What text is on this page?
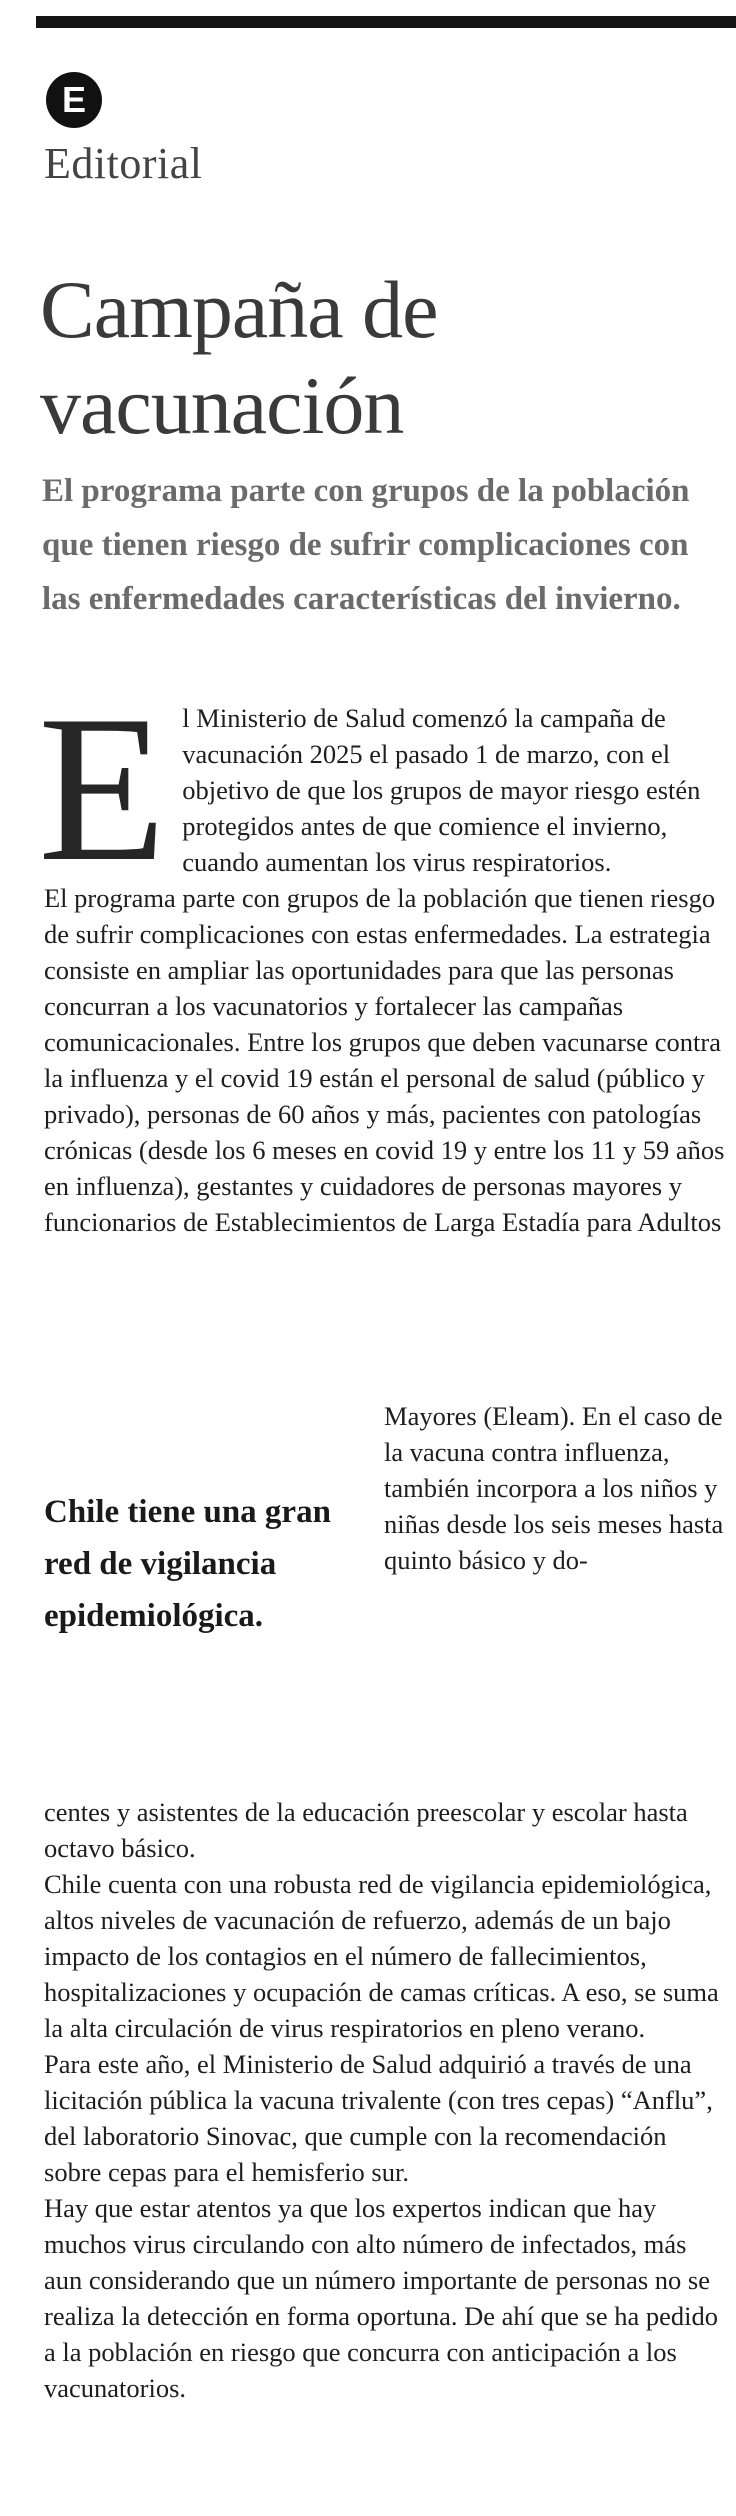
E
Editorial
Campaña de vacunación

El programa parte con grupos de la población que tienen riesgo de sufrir complicaciones con las enfermedades características del invierno.

E l Ministerio de Salud comenzó la campaña de vacunación 2025 el pasado 1 de marzo, con el objetivo de que los grupos de mayor riesgo estén protegidos antes de que comience el invierno, cuando aumentan los virus respiratorios.

El programa parte con grupos de la población que tienen riesgo de sufrir complicaciones con estas enfermedades. La estrategia consiste en ampliar las oportunidades para que las personas concurran a los vacunatorios y fortalecer las campañas comunicacionales. Entre los grupos que deben vacunarse contra la influenza y el covid 19 están el personal de salud (público y privado), personas de 60 años y más, pacientes con patologías crónicas (desde los 6 meses en covid 19 y entre los 11 y 59 años en influenza), gestantes y cuidadores de personas mayores y funcionarios de Establecimientos de Larga Estadía para Adultos

Mayores (Eleam). En el caso de la vacuna contra influenza, también incorpora a los niños y niñas desde los seis meses hasta quinto básico y do-

Chile tiene una gran red de vigilancia epidemiológica.

centes y asistentes de la educación preescolar y escolar hasta octavo básico.

Chile cuenta con una robusta red de vigilancia epidemiológica, altos niveles de vacunación de refuerzo, además de un bajo impacto de los contagios en el número de fallecimientos, hospitalizaciones y ocupación de camas críticas. A eso, se suma la alta circulación de virus respiratorios en pleno verano.

Para este año, el Ministerio de Salud adquirió a través de una licitación pública la vacuna trivalente (con tres cepas) “Anflu”, del laboratorio Sinovac, que cumple con la recomendación sobre cepas para el hemisferio sur.

Hay que estar atentos ya que los expertos indican que hay muchos virus circulando con alto número de infectados, más aun considerando que un número importante de personas no se realiza la detección en forma oportuna. De ahí que se ha pedido a la población en riesgo que concurra con anticipación a los vacunatorios.
